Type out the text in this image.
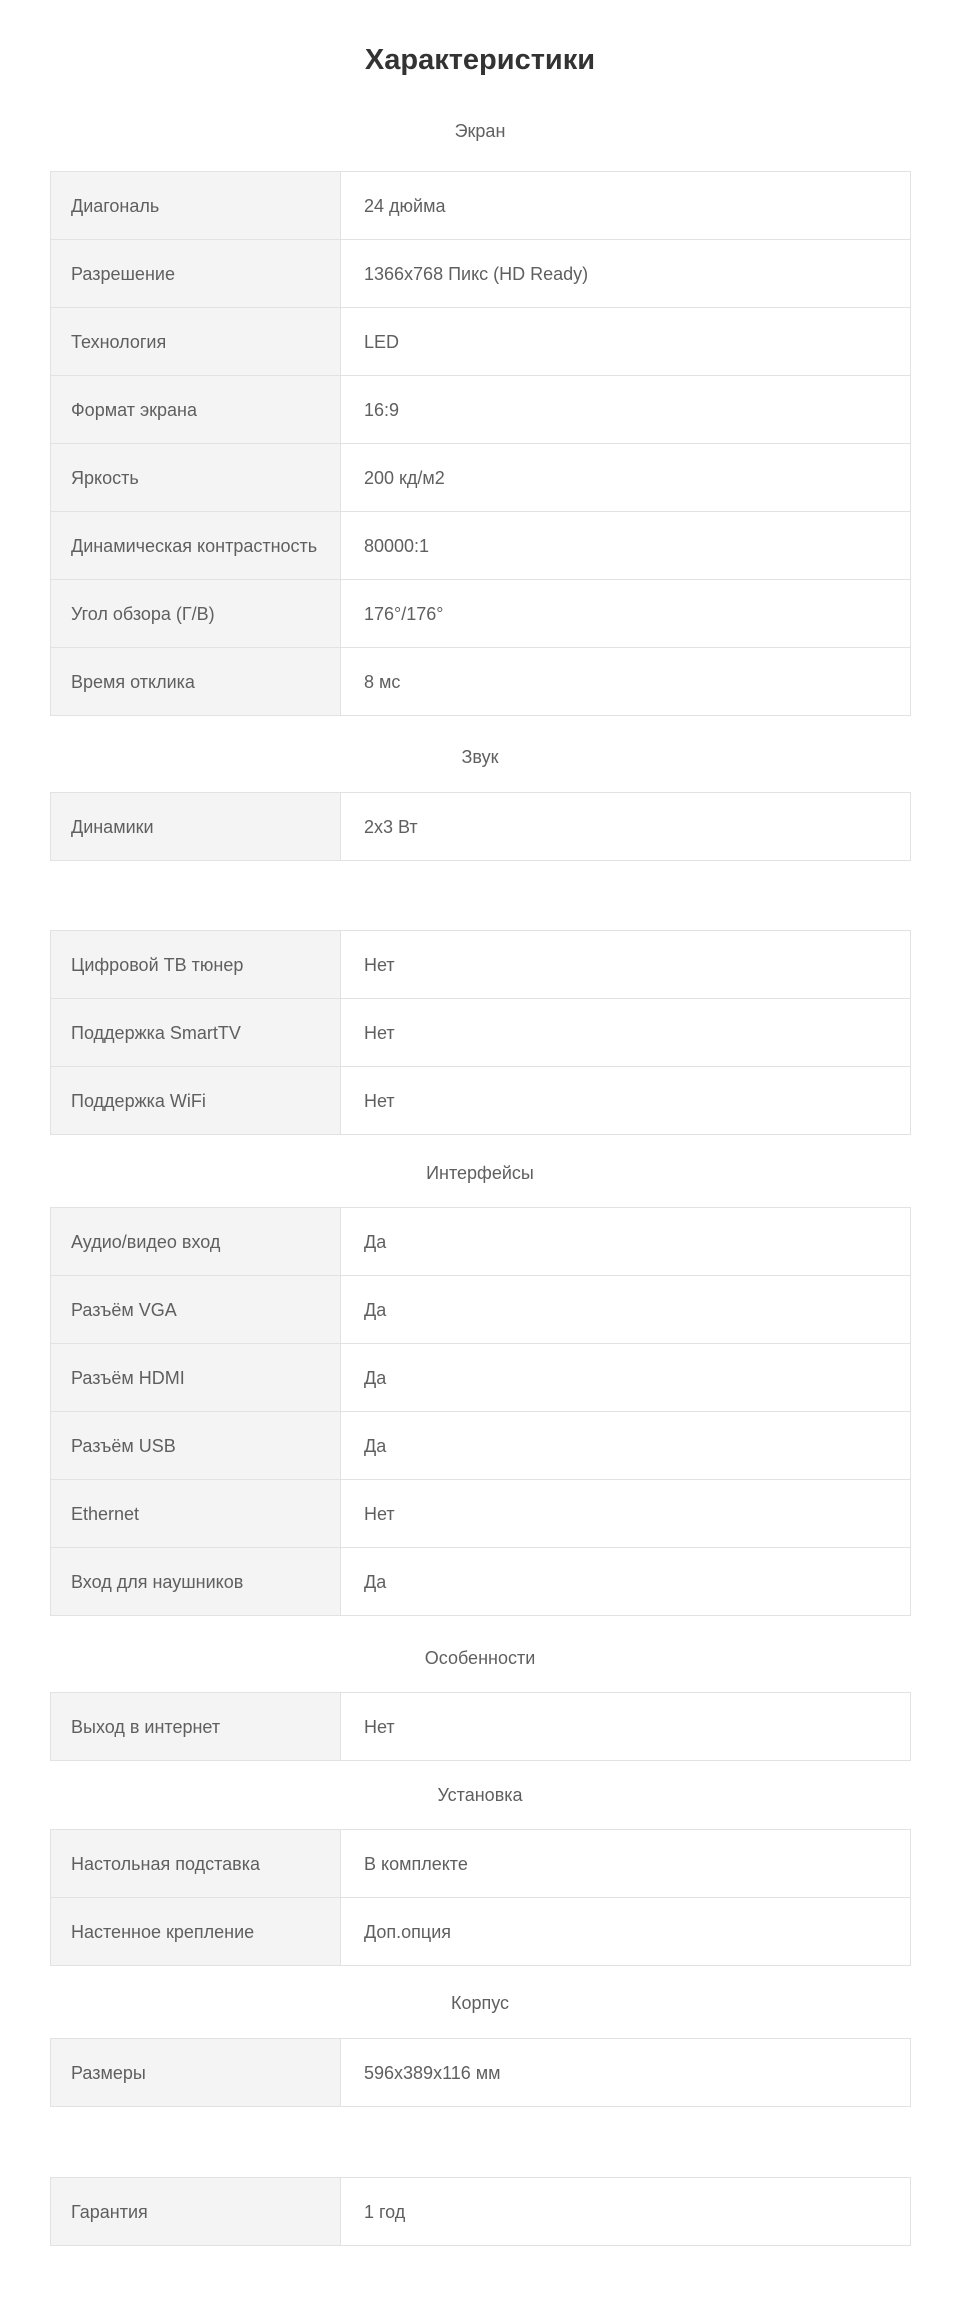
Характеристики
Экран
Диагональ	24 дюйма
Разрешение	1366x768 Пикс (HD Ready)
Технология	LED
Формат экрана	16:9
Яркость	200 кд/м2
Динамическая контрастность	80000:1
Угол обзора (Г/В)	176°/176°
Время отклика	8 мс
Звук
Динамики	2x3 Вт
Цифровой ТВ тюнер	Нет
Поддержка SmartTV	Нет
Поддержка WiFi	Нет
Интерфейсы
Аудио/видео вход	Да
Разъём VGA	Да
Разъём HDMI	Да
Разъём USB	Да
Ethernet	Нет
Вход для наушников	Да
Особенности
Выход в интернет	Нет
Установка
Настольная подставка	В комплекте
Настенное крепление	Доп.опция
Корпус
Размеры	596x389x116 мм
Гарантия	1 год
